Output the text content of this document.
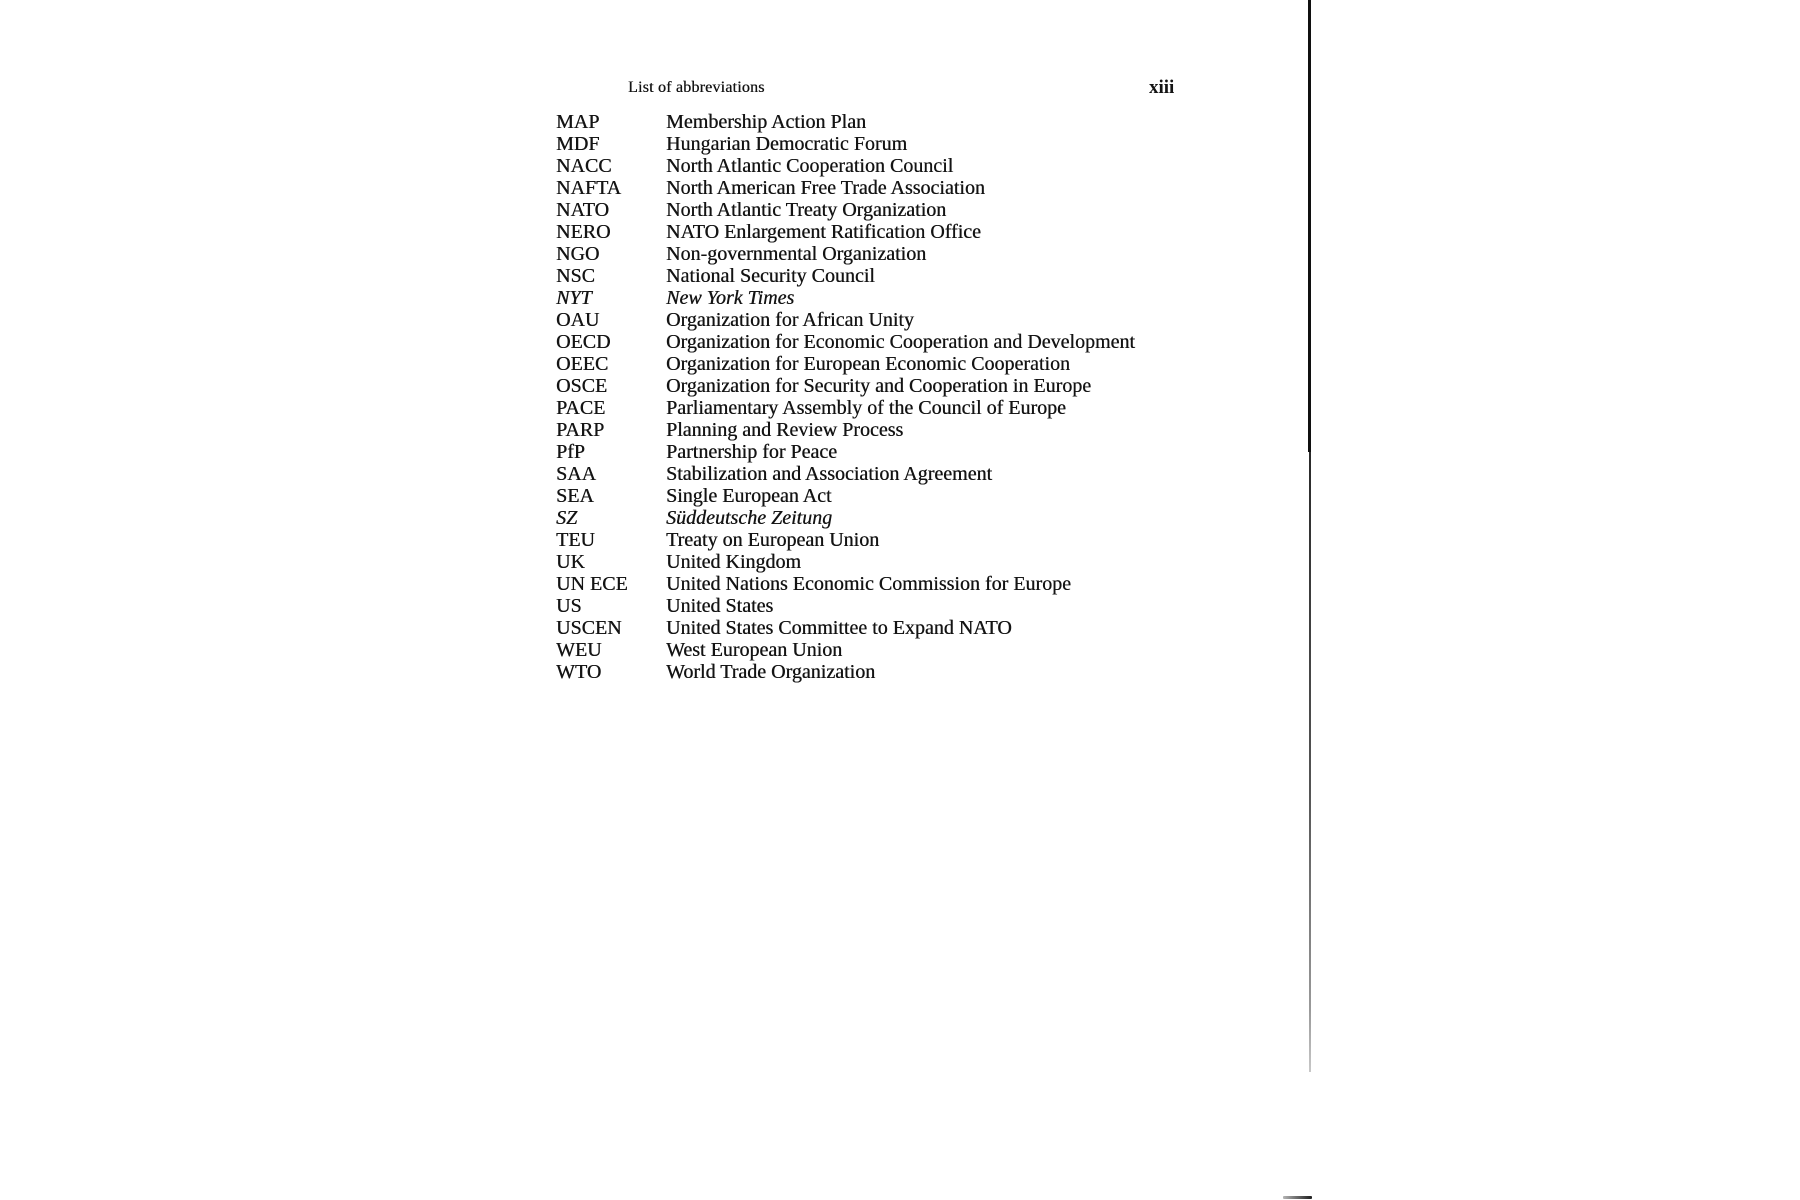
List of abbreviations	xiii
MAP	Membership Action Plan
MDF	Hungarian Democratic Forum
NACC	North Atlantic Cooperation Council
NAFTA	North American Free Trade Association
NATO	North Atlantic Treaty Organization
NERO	NATO Enlargement Ratification Office
NGO	Non-governmental Organization
NSC	National Security Council
NYT	New York Times
OAU	Organization for African Unity
OECD	Organization for Economic Cooperation and Development
OEEC	Organization for European Economic Cooperation
OSCE	Organization for Security and Cooperation in Europe
PACE	Parliamentary Assembly of the Council of Europe
PARP	Planning and Review Process
PfP	Partnership for Peace
SAA	Stabilization and Association Agreement
SEA	Single European Act
SZ	Süddeutsche Zeitung
TEU	Treaty on European Union
UK	United Kingdom
UN ECE	United Nations Economic Commission for Europe
US	United States
USCEN	United States Committee to Expand NATO
WEU	West European Union
WTO	World Trade Organization
